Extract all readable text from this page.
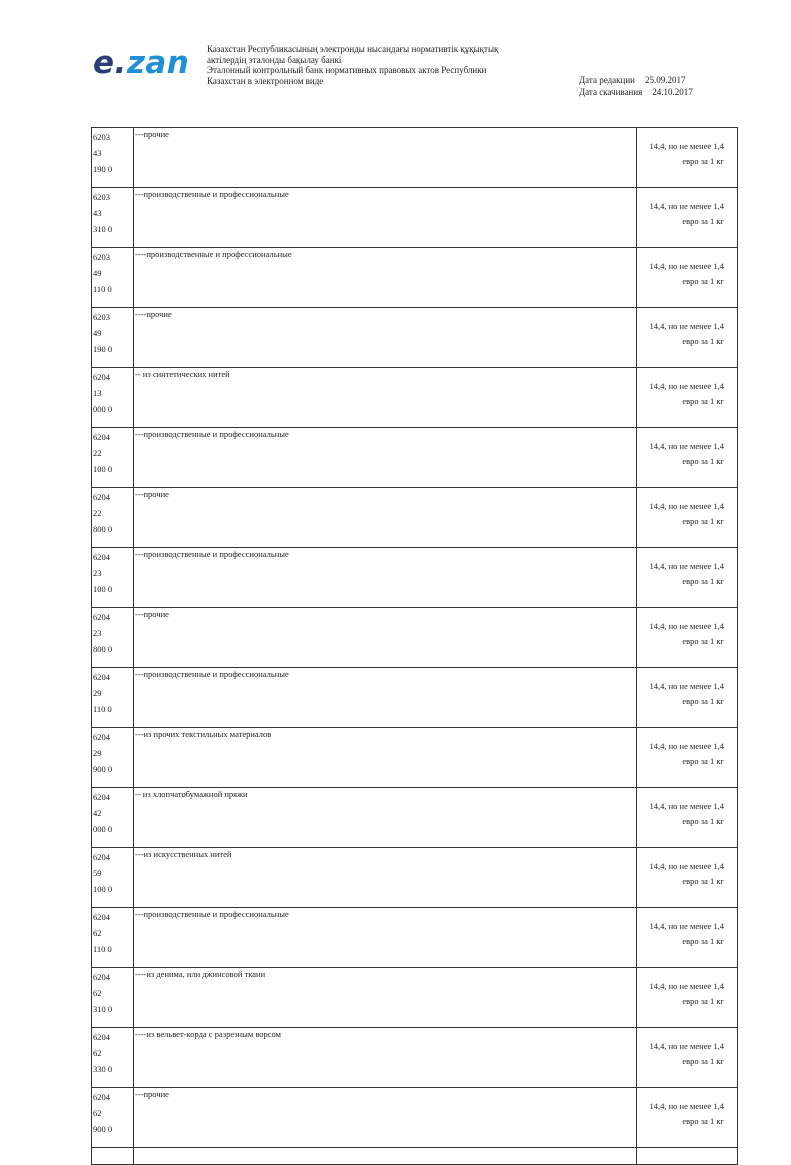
e.zan Казахстан Республикасының электронды нысандағы нормативтік құқықтық
актілердің эталонды бақылау банкі
Эталонный контрольный банк нормативных правовых актов Республики
Казахстан в электронном виде	Дата редакции 25.09.2017
Дата скачивания 24.10.2017
6203
43
190 0	---прочие	14,4, но не менее 1,4
евро за 1 кг

6203
43
310 0	---производственные и профессиональные	14,4, но не менее 1,4
евро за 1 кг

6203
49
110 0	----производственные и профессиональные	14,4, но не менее 1,4
евро за 1 кг

6203
49
190 0	----прочие	14,4, но не менее 1,4
евро за 1 кг

6204
13
000 0	-- из синтетических нитей	14,4, но не менее 1,4
евро за 1 кг

6204
22
100 0	---производственные и профессиональные	14,4, но не менее 1,4
евро за 1 кг

6204
22
800 0	---прочие	14,4, но не менее 1,4
евро за 1 кг

6204
23
100 0	---производственные и профессиональные	14,4, но не менее 1,4
евро за 1 кг

6204
23
800 0	---прочие	14,4, но не менее 1,4
евро за 1 кг

6204
29
110 0	---производственные и профессиональные	14,4, но не менее 1,4
евро за 1 кг

6204
29
900 0	---из прочих текстильных материалов	14,4, но не менее 1,4
евро за 1 кг

6204
42
000 0	-- из хлопчатобумажной пряжи	14,4, но не менее 1,4
евро за 1 кг

6204
59
100 0	---из искусственных нитей	14,4, но не менее 1,4
евро за 1 кг

6204
62
110 0	---производственные и профессиональные	14,4, но не менее 1,4
евро за 1 кг

6204
62
310 0	----из денима, или джинсовой ткани	14,4, но не менее 1,4
евро за 1 кг

6204
62
330 0	----из вельвет-корда с разрезным ворсом	14,4, но не менее 1,4
евро за 1 кг

6204
62
900 0	---прочие	14,4, но не менее 1,4
евро за 1 кг
